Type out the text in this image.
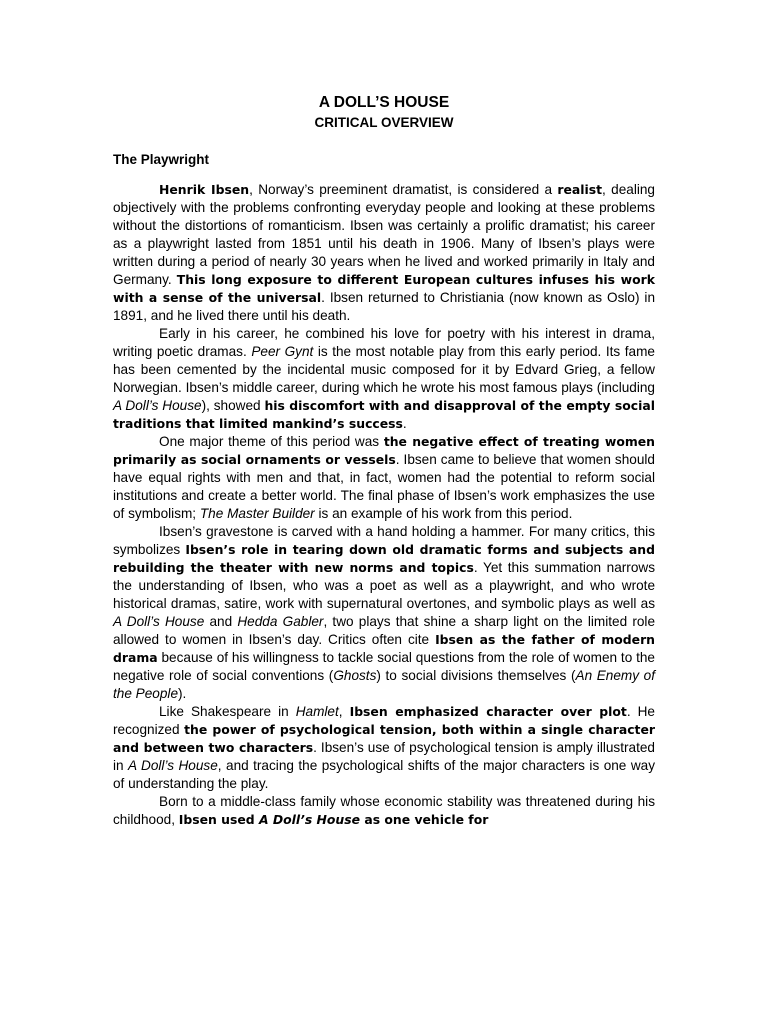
A DOLL’S HOUSE
CRITICAL OVERVIEW
The Playwright

Henrik Ibsen, Norway’s preeminent dramatist, is considered a realist, dealing objectively with the problems confronting everyday people and looking at these problems without the distortions of romanticism. Ibsen was certainly a prolific dramatist; his career as a playwright lasted from 1851 until his death in 1906. Many of Ibsen’s plays were written during a period of nearly 30 years when he lived and worked primarily in Italy and Germany. This long exposure to different European cultures infuses his work with a sense of the universal. Ibsen returned to Christiania (now known as Oslo) in 1891, and he lived there until his death.

Early in his career, he combined his love for poetry with his interest in drama, writing poetic dramas. Peer Gynt is the most notable play from this early period. Its fame has been cemented by the incidental music composed for it by Edvard Grieg, a fellow Norwegian. Ibsen’s middle career, during which he wrote his most famous plays (including A Doll’s House), showed his discomfort with and disapproval of the empty social traditions that limited mankind’s success.

One major theme of this period was the negative effect of treating women primarily as social ornaments or vessels. Ibsen came to believe that women should have equal rights with men and that, in fact, women had the potential to reform social institutions and create a better world. The final phase of Ibsen’s work emphasizes the use of symbolism; The Master Builder is an example of his work from this period.

Ibsen’s gravestone is carved with a hand holding a hammer. For many critics, this symbolizes Ibsen’s role in tearing down old dramatic forms and subjects and rebuilding the theater with new norms and topics. Yet this summation narrows the understanding of Ibsen, who was a poet as well as a playwright, and who wrote historical dramas, satire, work with supernatural overtones, and symbolic plays as well as A Doll’s House and Hedda Gabler, two plays that shine a sharp light on the limited role allowed to women in Ibsen’s day. Critics often cite Ibsen as the father of modern drama because of his willingness to tackle social questions from the role of women to the negative role of social conventions (Ghosts) to social divisions themselves (An Enemy of the People).

Like Shakespeare in Hamlet, Ibsen emphasized character over plot. He recognized the power of psychological tension, both within a single character and between two characters. Ibsen’s use of psychological tension is amply illustrated in A Doll’s House, and tracing the psychological shifts of the major characters is one way of understanding the play.

Born to a middle-class family whose economic stability was threatened during his childhood, Ibsen used A Doll’s House as one vehicle for
